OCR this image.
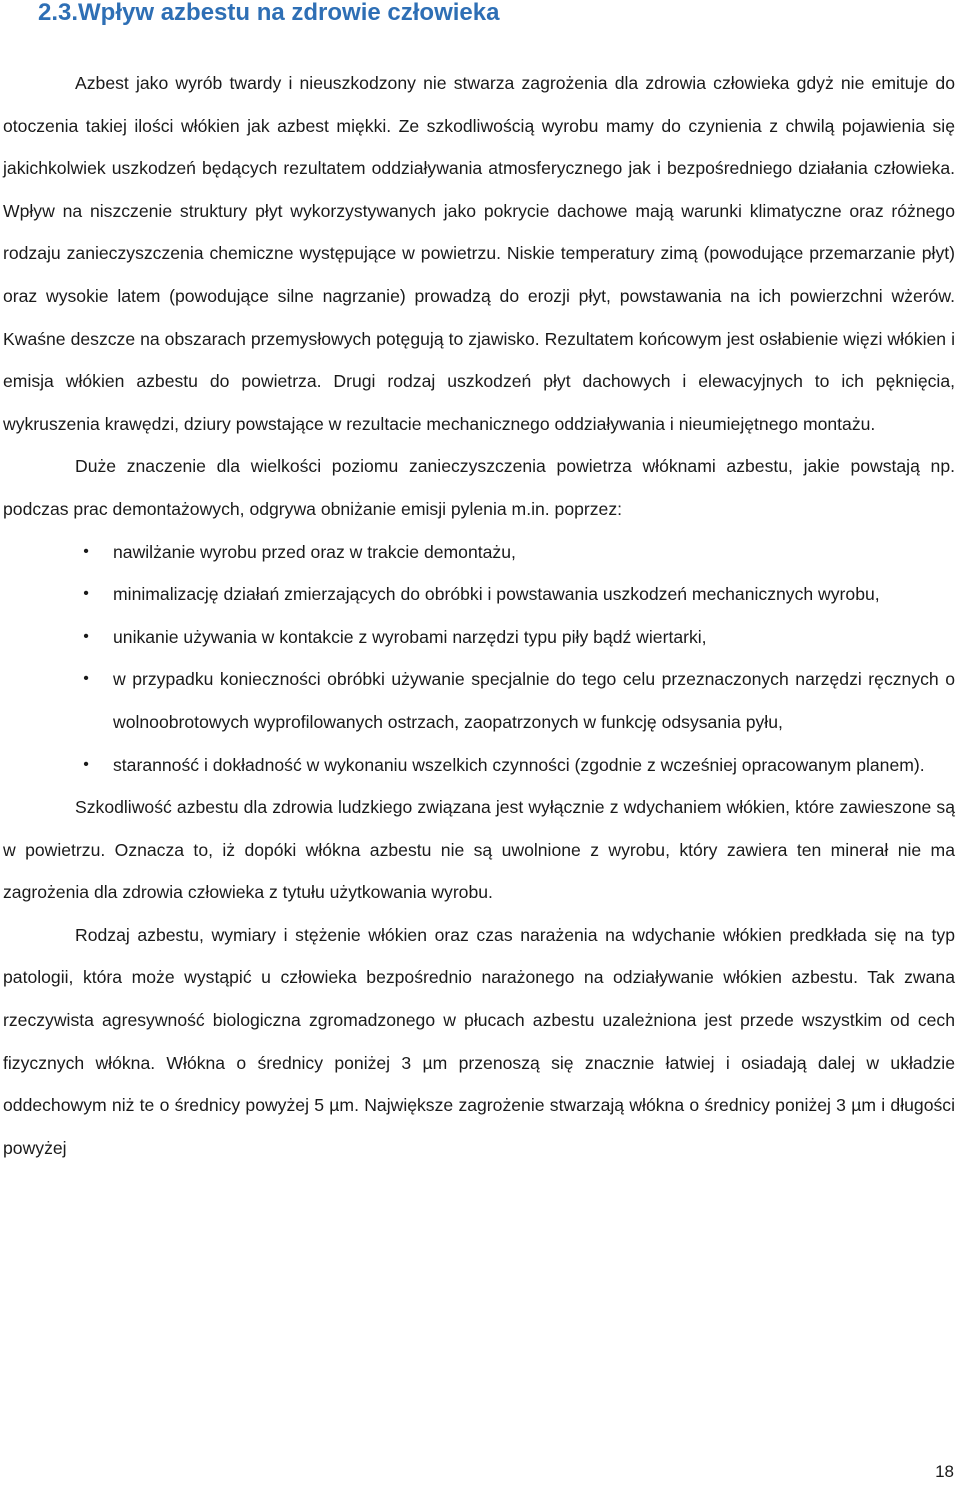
2.3.Wpływ azbestu na zdrowie człowieka

Azbest jako wyrób twardy i nieuszkodzony nie stwarza zagrożenia dla zdrowia człowieka gdyż nie emituje do otoczenia takiej ilości włókien jak azbest miękki. Ze szkodliwością wyrobu mamy do czynienia z chwilą pojawienia się jakichkolwiek uszkodzeń będących rezultatem oddziaływania atmosferycznego jak i bezpośredniego działania człowieka. Wpływ na niszczenie struktury płyt wykorzystywanych jako pokrycie dachowe mają warunki klimatyczne oraz różnego rodzaju zanieczyszczenia chemiczne występujące w powietrzu. Niskie temperatury zimą (powodujące przemarzanie płyt) oraz wysokie latem (powodujące silne nagrzanie) prowadzą do erozji płyt, powstawania na ich powierzchni wżerów. Kwaśne deszcze na obszarach przemysłowych potęgują to zjawisko. Rezultatem końcowym jest osłabienie więzi włókien i emisja włókien azbestu do powietrza. Drugi rodzaj uszkodzeń płyt dachowych i elewacyjnych to ich pęknięcia, wykruszenia krawędzi, dziury powstające w rezultacie mechanicznego oddziaływania i nieumiejętnego montażu.

Duże znaczenie dla wielkości poziomu zanieczyszczenia powietrza włóknami azbestu, jakie powstają np. podczas prac demontażowych, odgrywa obniżanie emisji pylenia m.in. poprzez:

• nawilżanie wyrobu przed oraz w trakcie demontażu,
• minimalizację działań zmierzających do obróbki i powstawania uszkodzeń mechanicznych wyrobu,
• unikanie używania w kontakcie z wyrobami narzędzi typu piły bądź wiertarki,
• w przypadku konieczności obróbki używanie specjalnie do tego celu przeznaczonych narzędzi ręcznych o wolnoobrotowych wyprofilowanych ostrzach, zaopatrzonych w funkcję odsysania pyłu,
• staranność i dokładność w wykonaniu wszelkich czynności (zgodnie z wcześniej opracowanym planem).

Szkodliwość azbestu dla zdrowia ludzkiego związana jest wyłącznie z wdychaniem włókien, które zawieszone są w powietrzu. Oznacza to, iż dopóki włókna azbestu nie są uwolnione z wyrobu, który zawiera ten minerał nie ma zagrożenia dla zdrowia człowieka z tytułu użytkowania wyrobu.

Rodzaj azbestu, wymiary i stężenie włókien oraz czas narażenia na wdychanie włókien predkłada się na typ patologii, która może wystąpić u człowieka bezpośrednio narażonego na odziaływanie włókien azbestu. Tak zwana rzeczywista agresywność biologiczna zgromadzonego w płucach azbestu uzależniona jest przede wszystkim od cech fizycznych włókna. Włókna o średnicy poniżej 3 µm przenoszą się znacznie łatwiej i osiadają dalej w układzie oddechowym niż te o średnicy powyżej 5 µm. Największe zagrożenie stwarzają włókna o średnicy poniżej 3 µm i długości powyżej

18
